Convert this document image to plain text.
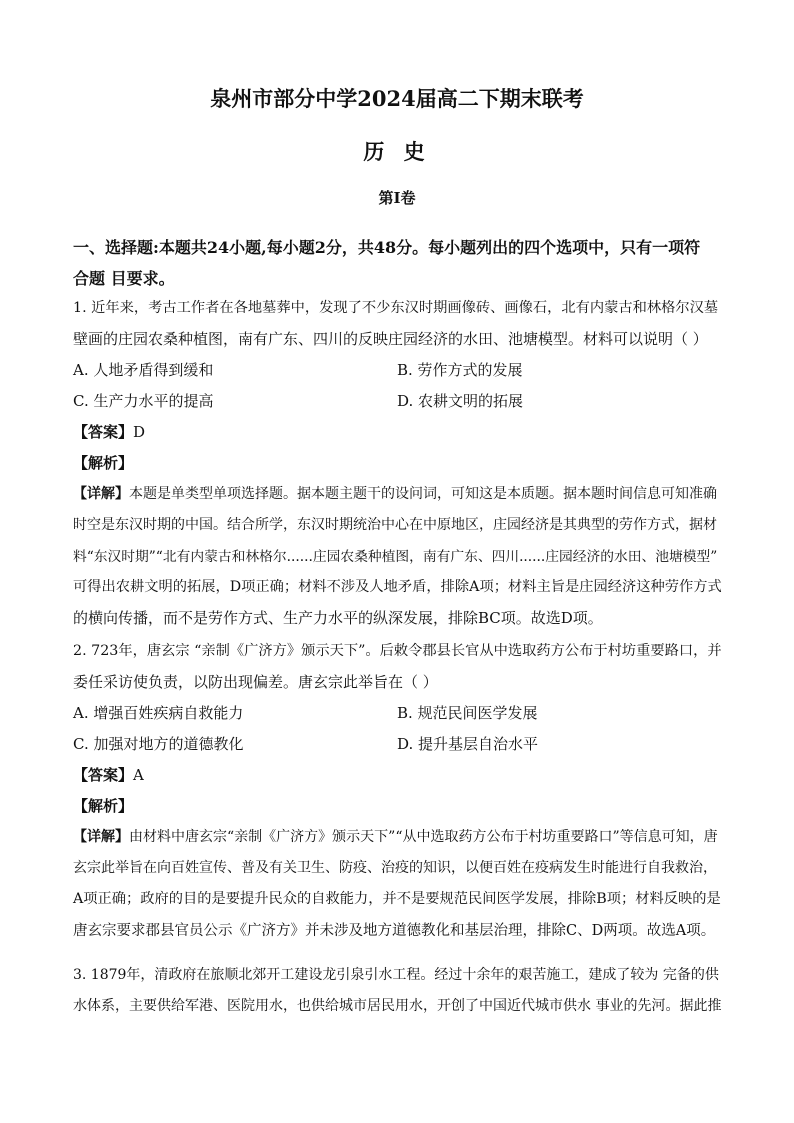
泉州市部分中学2024届高二下期末联考
历 史
第I卷
一、选择题:本题共24小题,每小题2分，共48分。每小题列出的四个选项中，只有一项符
合题 目要求。
1. 近年来，考古工作者在各地墓葬中，发现了不少东汉时期画像砖、画像石，北有内蒙古和林格尔汉墓
壁画的庄园农桑种植图，南有广东、四川的反映庄园经济的水田、池塘模型。材料可以说明（ ）
A. 人地矛盾得到缓和	B. 劳作方式的发展
C. 生产力水平的提高	D. 农耕文明的拓展
【答案】D
【解析】
【详解】本题是单类型单项选择题。据本题主题干的设问词，可知这是本质题。据本题时间信息可知准确
时空是东汉时期的中国。结合所学，东汉时期统治中心在中原地区，庄园经济是其典型的劳作方式，据材
料“东汉时期”“北有内蒙古和林格尔......庄园农桑种植图，南有广东、四川......庄园经济的水田、池塘模型”
可得出农耕文明的拓展，D项正确；材料不涉及人地矛盾，排除A项；材料主旨是庄园经济这种劳作方式
的横向传播，而不是劳作方式、生产力水平的纵深发展，排除BC项。故选D项。
2. 723年，唐玄宗 “亲制《广济方》颁示天下”。后敕令郡县长官从中选取药方公布于村坊重要路口，并
委任采访使负责，以防出现偏差。唐玄宗此举旨在（ ）
A. 增强百姓疾病自救能力	B. 规范民间医学发展
C. 加强对地方的道德教化	D. 提升基层自治水平
【答案】A
【解析】
【详解】由材料中唐玄宗“亲制《广济方》颁示天下”“从中选取药方公布于村坊重要路口”等信息可知，唐
玄宗此举旨在向百姓宣传、普及有关卫生、防疫、治疫的知识，以便百姓在疫病发生时能进行自我救治，
A项正确；政府的目的是要提升民众的自救能力，并不是要规范民间医学发展，排除B项；材料反映的是
唐玄宗要求郡县官员公示《广济方》并未涉及地方道德教化和基层治理，排除C、D两项。故选A项。
3. 1879年，清政府在旅顺北郊开工建设龙引泉引水工程。经过十余年的艰苦施工，建成了较为 完备的供
水体系，主要供给军港、医院用水，也供给城市居民用水，开创了中国近代城市供水 事业的先河。据此推
